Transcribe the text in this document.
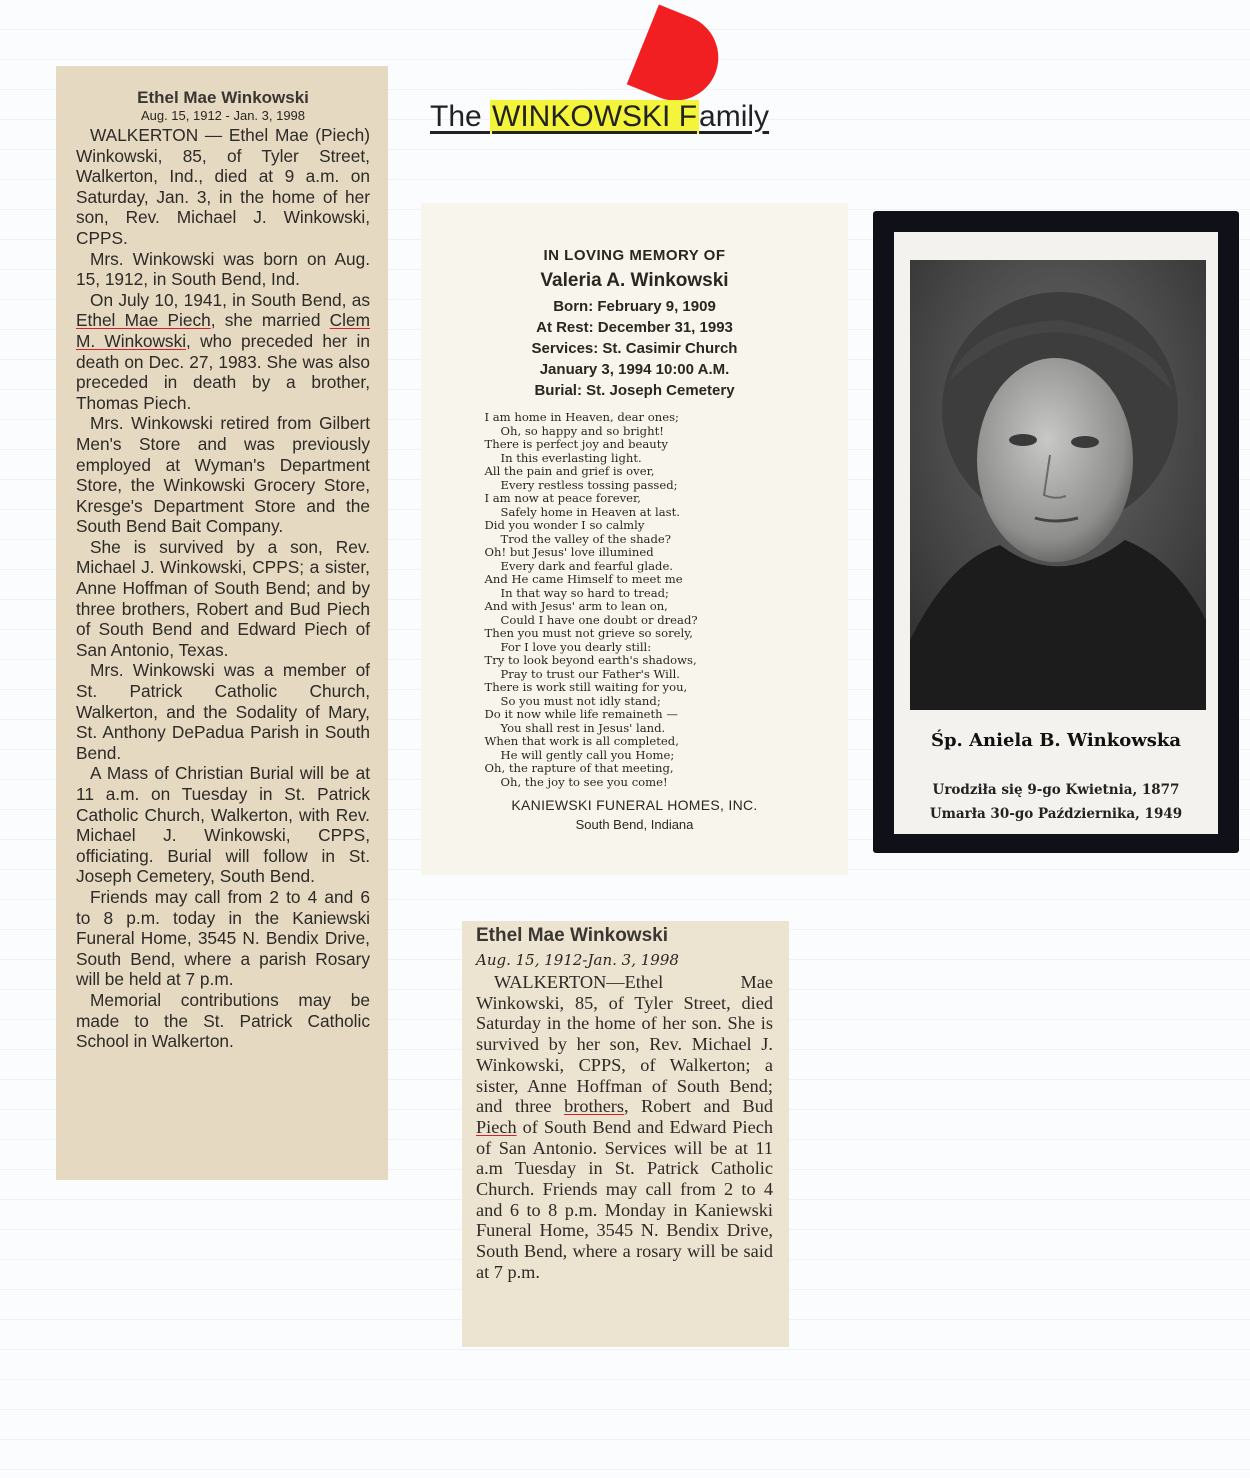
The WINKOWSKI Family
Ethel Mae Winkowski
Aug. 15, 1912 - Jan. 3, 1998

WALKERTON — Ethel Mae (Piech) Winkowski, 85, of Tyler Street, Walkerton, Ind., died at 9 a.m. on Saturday, Jan. 3, in the home of her son, Rev. Michael J. Winkowski, CPPS.

Mrs. Winkowski was born on Aug. 15, 1912, in South Bend, Ind.

On July 10, 1941, in South Bend, as Ethel Mae Piech, she married Clem M. Winkowski, who preceded her in death on Dec. 27, 1983. She was also preceded in death by a brother, Thomas Piech.

Mrs. Winkowski retired from Gilbert Men's Store and was previously employed at Wyman's Department Store, the Winkowski Grocery Store, Kresge's Department Store and the South Bend Bait Company.

She is survived by a son, Rev. Michael J. Winkowski, CPPS; a sister, Anne Hoffman of South Bend; and by three brothers, Robert and Bud Piech of South Bend and Edward Piech of San Antonio, Texas.

Mrs. Winkowski was a member of St. Patrick Catholic Church, Walkerton, and the Sodality of Mary, St. Anthony DePadua Parish in South Bend.

A Mass of Christian Burial will be at 11 a.m. on Tuesday in St. Patrick Catholic Church, Walkerton, with Rev. Michael J. Winkowski, CPPS, officiating. Burial will follow in St. Joseph Cemetery, South Bend.

Friends may call from 2 to 4 and 6 to 8 p.m. today in the Kaniewski Funeral Home, 3545 N. Bendix Drive, South Bend, where a parish Rosary will be held at 7 p.m.

Memorial contributions may be made to the St. Patrick Catholic School in Walkerton.

IN LOVING MEMORY OF
Valeria A. Winkowski
Born: February 9, 1909
At Rest: December 31, 1993
Services: St. Casimir Church
January 3, 1994 10:00 A.M.
Burial: St. Joseph Cemetery
I am home in Heaven, dear ones;
Oh, so happy and so bright!
There is perfect joy and beauty
In this everlasting light.
All the pain and grief is over,
Every restless tossing passed;
I am now at peace forever,
Safely home in Heaven at last.
Did you wonder I so calmly
Trod the valley of the shade?
Oh! but Jesus' love illumined
Every dark and fearful glade.
And He came Himself to meet me
In that way so hard to tread;
And with Jesus' arm to lean on,
Could I have one doubt or dread?
Then you must not grieve so sorely,
For I love you dearly still:
Try to look beyond earth's shadows,
Pray to trust our Father's Will.
There is work still waiting for you,
So you must not idly stand;
Do it now while life remaineth —
You shall rest in Jesus' land.
When that work is all completed,
He will gently call you Home;
Oh, the rapture of that meeting,
Oh, the joy to see you come!
KANIEWSKI FUNERAL HOMES, INC.
South Bend, Indiana
Śp. Aniela B. Winkowska
Urodziła się 9-go Kwietnia, 1877
Umarła 30-go Października, 1949
Ethel Mae Winkowski
Aug. 15, 1912-Jan. 3, 1998
WALKERTON—Ethel Mae Winkowski, 85, of Tyler Street, died Saturday in the home of her son. She is survived by her son, Rev. Michael J. Winkowski, CPPS, of Walkerton; a sister, Anne Hoffman of South Bend; and three brothers, Robert and Bud Piech of South Bend and Edward Piech of San Antonio. Services will be at 11 a.m Tuesday in St. Patrick Catholic Church. Friends may call from 2 to 4 and 6 to 8 p.m. Monday in Kaniewski Funeral Home, 3545 N. Bendix Drive, South Bend, where a rosary will be said at 7 p.m.
